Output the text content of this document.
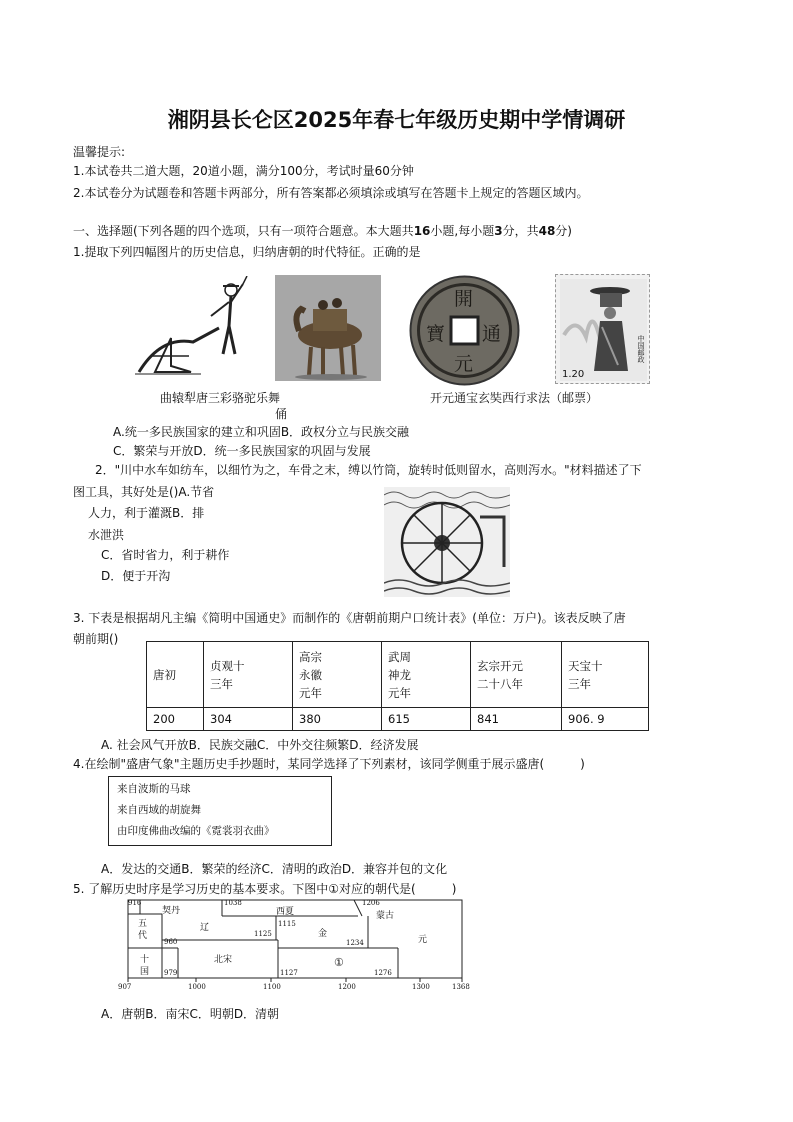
湘阴县长仑区2025年春七年级历史期中学情调研
温馨提示:
1.本试卷共二道大题，20道小题，满分100分，考试时量60分钟
2.本试卷分为试题卷和答题卡两部分，所有答案都必须填涂或填写在答题卡上规定的答题区域内。
一、选择题(下列各题的四个选项，只有一项符合题意。本大题共16小题,每小题3分，共48分)
1.提取下列四幅图片的历史信息，归纳唐朝的时代特征。正确的是
開
元
通
寶
1.20
中国邮政
曲辕犁唐三彩骆驼乐舞
俑
开元通宝玄奘西行求法（邮票）
A.统一多民族国家的建立和巩固B．政权分立与民族交融
C．繁荣与开放D．统一多民族国家的巩固与发展
2．"川中水车如纺车，以细竹为之，车骨之末，缚以竹筒，旋转时低则留水，高则泻水。"材料描述了下
图工具，其好处是()A.节省
人力，利于灌溉B．排
水泄洪
C．省时省力，利于耕作
D．便于开沟
3. 下表是根据胡凡主编《简明中国通史》而制作的《唐朝前期户口统计表》(单位：万户)。该表反映了唐
朝前期()
唐初	贞观十
三年	高宗
永徽
元年	武周
神龙
元年	玄宗开元
二十八年	天宝十
三年
200	304	380	615	841	906. 9
A. 社会风气开放B．民族交融C．中外交往频繁D．经济发展
4.在绘制"盛唐气象"主题历史手抄题时，某同学选择了下列素材，该同学侧重于展示盛唐(　　　)
来自波斯的马球
来自西域的胡旋舞
由印度佛曲改编的《霓裳羽衣曲》
A．发达的交通B．繁荣的经济C．清明的政治D．兼容并包的文化
5. 了解历史时序是学习历史的基本要求。下图中①对应的朝代是(　　　)
907	1000	1100	1200	1300	1368
916
960
979
1038
1115
1125
1127
1206
1234
1276
五
代
十
国
契丹
辽
西夏
金
蒙古
元
北宋	①
A．唐朝B．南宋C．明朝D．清朝
